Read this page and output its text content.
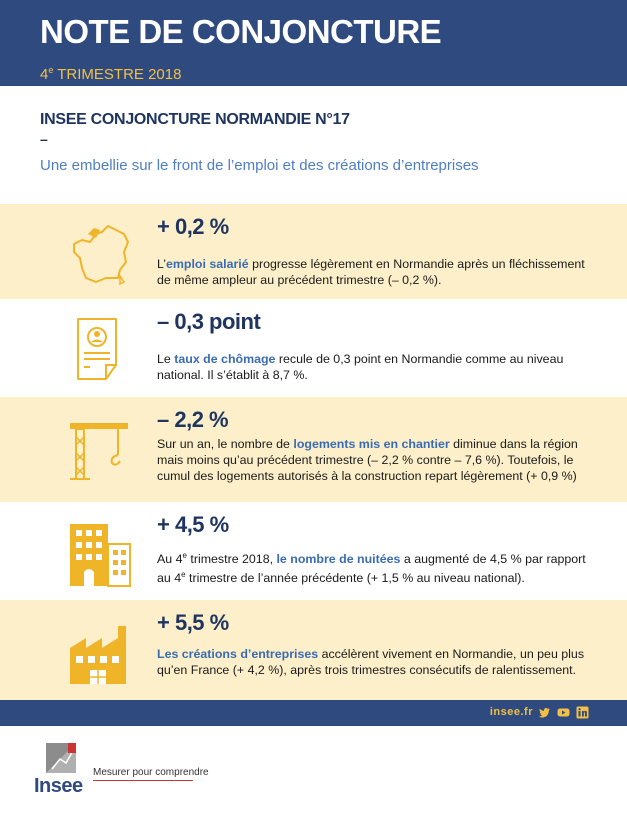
NOTE DE CONJONCTURE
4e TRIMESTRE 2018
INSEE CONJONCTURE NORMANDIE N°17
–
Une embellie sur le front de l’emploi et des créations d’entreprises
+ 0,2 %
L’emploi salarié progresse légèrement en Normandie après un fléchissement de même ampleur au précédent trimestre (– 0,2 %).
– 0,3 point
Le taux de chômage recule de 0,3 point en Normandie comme au niveau national. Il s’établit à 8,7 %.
– 2,2 %
Sur un an, le nombre de logements mis en chantier diminue dans la région mais moins qu’au précédent trimestre (– 2,2 % contre – 7,6 %). Toutefois, le cumul des logements autorisés à la construction repart légèrement (+ 0,9 %)
+ 4,5 %
Au 4e trimestre 2018, le nombre de nuitées a augmenté de 4,5 % par rapport au 4e trimestre de l’année précédente (+ 1,5 % au niveau national).
+ 5,5 %
Les créations d’entreprises accélèrent vivement en Normandie, un peu plus qu’en France (+ 4,2 %), après trois trimestres consécutifs de ralentissement.
insee.fr
Insee
Mesurer pour comprendre
